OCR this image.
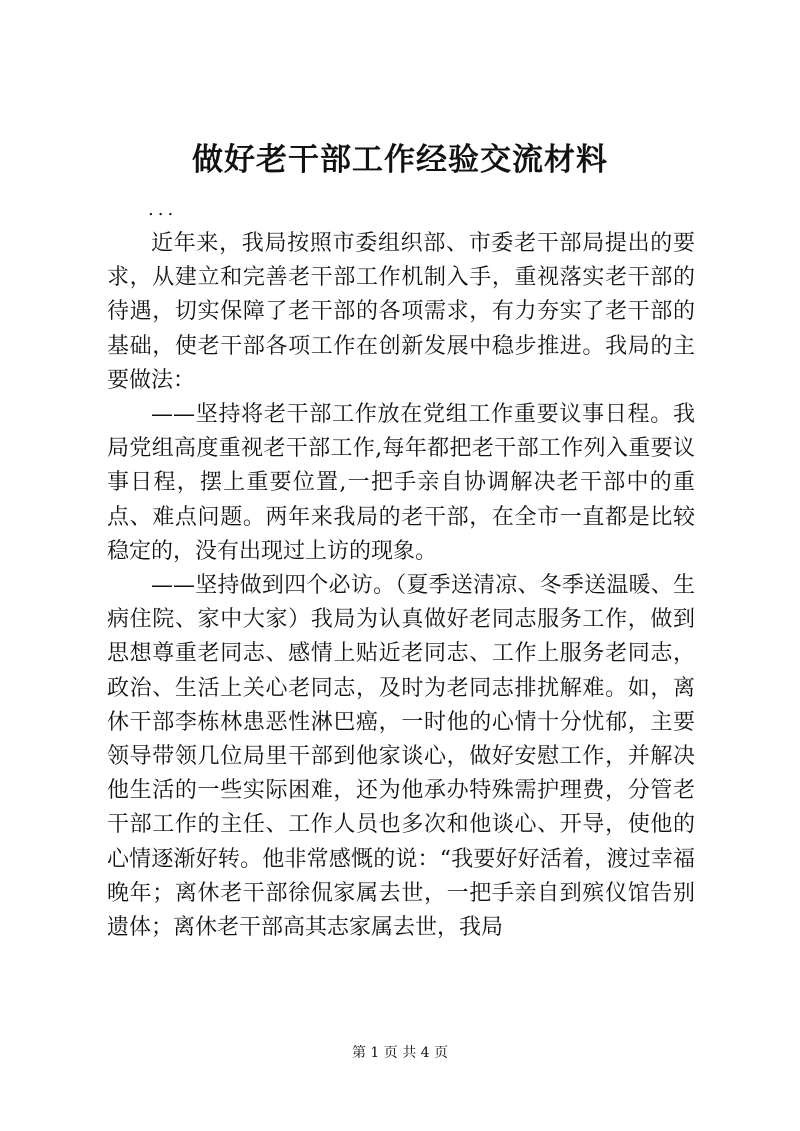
做好老干部工作经验交流材料
...

近年来，我局按照市委组织部、市委老干部局提出的要求，从建立和完善老干部工作机制入手，重视落实老干部的待遇，切实保障了老干部的各项需求，有力夯实了老干部的基础，使老干部各项工作在创新发展中稳步推进。我局的主要做法：

——坚持将老干部工作放在党组工作重要议事日程。我局党组高度重视老干部工作,每年都把老干部工作列入重要议事日程，摆上重要位置,一把手亲自协调解决老干部中的重点、难点问题。两年来我局的老干部，在全市一直都是比较稳定的，没有出现过上访的现象。

——坚持做到四个必访。（夏季送清凉、冬季送温暖、生病住院、家中大家）我局为认真做好老同志服务工作，做到思想尊重老同志、感情上贴近老同志、工作上服务老同志，政治、生活上关心老同志，及时为老同志排扰解难。如，离休干部李栋林患恶性淋巴癌，一时他的心情十分忧郁，主要领导带领几位局里干部到他家谈心，做好安慰工作，并解决他生活的一些实际困难，还为他承办特殊需护理费，分管老干部工作的主任、工作人员也多次和他谈心、开导，使他的心情逐渐好转。他非常感慨的说：“我要好好活着，渡过幸福晚年；离休老干部徐侃家属去世，一把手亲自到殡仪馆告别遗体；离休老干部高其志家属去世，我局

第 1 页 共 4 页
